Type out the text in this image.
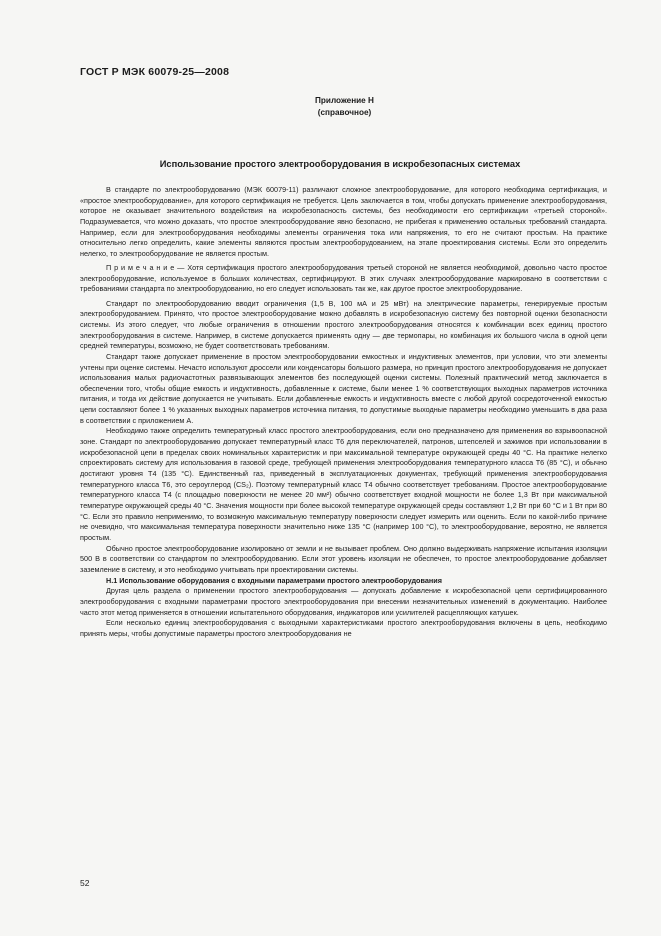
ГОСТ Р МЭК 60079-25—2008
Приложение Н
(справочное)
Использование простого электрооборудования в искробезопасных системах

В стандарте по электрооборудованию (МЭК 60079-11) различают сложное электрооборудование, для которого необходима сертификация, и «простое электрооборудование», для которого сертификация не требуется. Цель заключается в том, чтобы допускать применение электрооборудования, которое не оказывает значительного воздействия на искробезопасность системы, без необходимости его сертификации «третьей стороной». Подразумевается, что можно доказать, что простое электрооборудование явно безопасно, не прибегая к применению остальных требований стандарта. Например, если для электрооборудования необходимы элементы ограничения тока или напряжения, то его не считают простым. На практике относительно легко определить, какие элементы являются простым электрооборудованием, на этапе проектирования системы. Если это определить нелегко, то электрооборудование не является простым.

П р и м е ч а н и е — Хотя сертификация простого электрооборудования третьей стороной не является необходимой, довольно часто простое электрооборудование, используемое в больших количествах, сертифицируют. В этих случаях электрооборудование маркировано в соответствии с требованиями стандарта по электрооборудованию, но его следует использовать так же, как другое простое электрооборудование.

Стандарт по электрооборудованию вводит ограничения (1,5 В, 100 мА и 25 мВт) на электрические параметры, генерируемые простым электрооборудованием. Принято, что простое электрооборудование можно добавлять в искробезопасную систему без повторной оценки безопасности системы. Из этого следует, что любые ограничения в отношении простого электрооборудования относятся к комбинации всех единиц простого электрооборудования в системе. Например, в системе допускается применять одну — две термопары, но комбинация их большого числа в одной цепи средней температуры, возможно, не будет соответствовать требованиям.

Стандарт также допускает применение в простом электрооборудовании емкостных и индуктивных элементов, при условии, что эти элементы учтены при оценке системы. Нечасто используют дроссели или конденсаторы большого размера, но принцип простого электрооборудования не допускает использования малых радиочастотных развязывающих элементов без последующей оценки системы. Полезный практический метод заключается в обеспечении того, чтобы общие емкость и индуктивность, добавленные к системе, были менее 1 % соответствующих выходных параметров источника питания, и тогда их действие допускается не учитывать. Если добавленные емкость и индуктивность вместе с любой другой сосредоточенной емкостью цепи составляют более 1 % указанных выходных параметров источника питания, то допустимые выходные параметры необходимо уменьшить в два раза в соответствии с приложением А.

Необходимо также определить температурный класс простого электрооборудования, если оно предназначено для применения во взрывоопасной зоне. Стандарт по электрооборудованию допускает температурный класс Т6 для переключателей, патронов, штепселей и зажимов при использовании в искробезопасной цепи в пределах своих номинальных характеристик и при максимальной температуре окружающей среды 40 °С. На практике нелегко спроектировать систему для использования в газовой среде, требующей применения электрооборудования температурного класса Т6 (85 °С), и обычно достигают уровня Т4 (135 °С). Единственный газ, приведенный в эксплуатационных документах, требующий применения электрооборудования температурного класса Т6, это сероуглерод (CS₂). Поэтому температурный класс Т4 обычно соответствует требованиям. Простое электрооборудование температурного класса Т4 (с площадью поверхности не менее 20 мм²) обычно соответствует входной мощности не более 1,3 Вт при максимальной температуре окружающей среды 40 °С. Значения мощности при более высокой температуре окружающей среды составляют 1,2 Вт при 60 °С и 1 Вт при 80 °С. Если это правило неприменимо, то возможную максимальную температуру поверхности следует измерить или оценить. Если по какой-либо причине не очевидно, что максимальная температура поверхности значительно ниже 135 °С (например 100 °С), то электрооборудование, вероятно, не является простым.

Обычно простое электрооборудование изолировано от земли и не вызывает проблем. Оно должно выдерживать напряжение испытания изоляции 500 В в соответствии со стандартом по электрооборудованию. Если этот уровень изоляции не обеспечен, то простое электрооборудование добавляет заземление в систему, и это необходимо учитывать при проектировании системы.

Н.1 Использование оборудования с входными параметрами простого электрооборудования

Другая цель раздела о применении простого электрооборудования — допускать добавление к искробезопасной цепи сертифицированного электрооборудования с входными параметрами простого электрооборудования при внесении незначительных изменений в документацию. Наиболее часто этот метод применяется в отношении испытательного оборудования, индикаторов или усилителей расцепляющих катушек.

Если несколько единиц электрооборудования с выходными характеристиками простого электрооборудования включены в цепь, необходимо принять меры, чтобы допустимые параметры простого электрооборудования не

52
